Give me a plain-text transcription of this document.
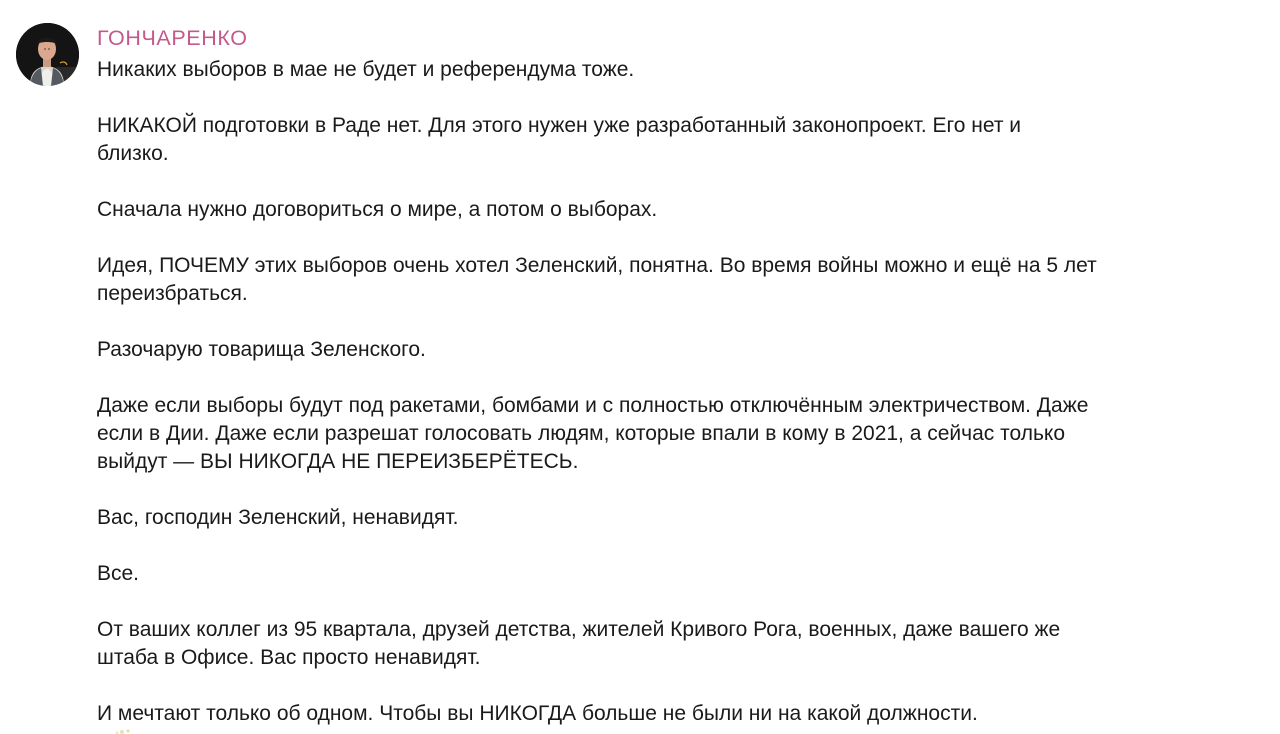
ГОНЧАРЕНКО

Никаких выборов в мае не будет и референдума тоже.

НИКАКОЙ подготовки в Раде нет. Для этого нужен уже разработанный законопроект. Его нет и
близко.

Сначала нужно договориться о мире, а потом о выборах.

Идея, ПОЧЕМУ этих выборов очень хотел Зеленский, понятна. Во время войны можно и ещё на 5 лет
переизбраться.

Разочарую товарища Зеленского.

Даже если выборы будут под ракетами, бомбами и с полностью отключённым электричеством. Даже
если в Дии. Даже если разрешат голосовать людям, которые впали в кому в 2021, а сейчас только
выйдут — ВЫ НИКОГДА НЕ ПЕРЕИЗБЕРЁТЕСЬ.

Вас, господин Зеленский, ненавидят.

Все.

От ваших коллег из 95 квартала, друзей детства, жителей Кривого Рога, военных, даже вашего же
штаба в Офисе. Вас просто ненавидят.

И мечтают только об одном. Чтобы вы НИКОГДА больше не были ни на какой должности.
